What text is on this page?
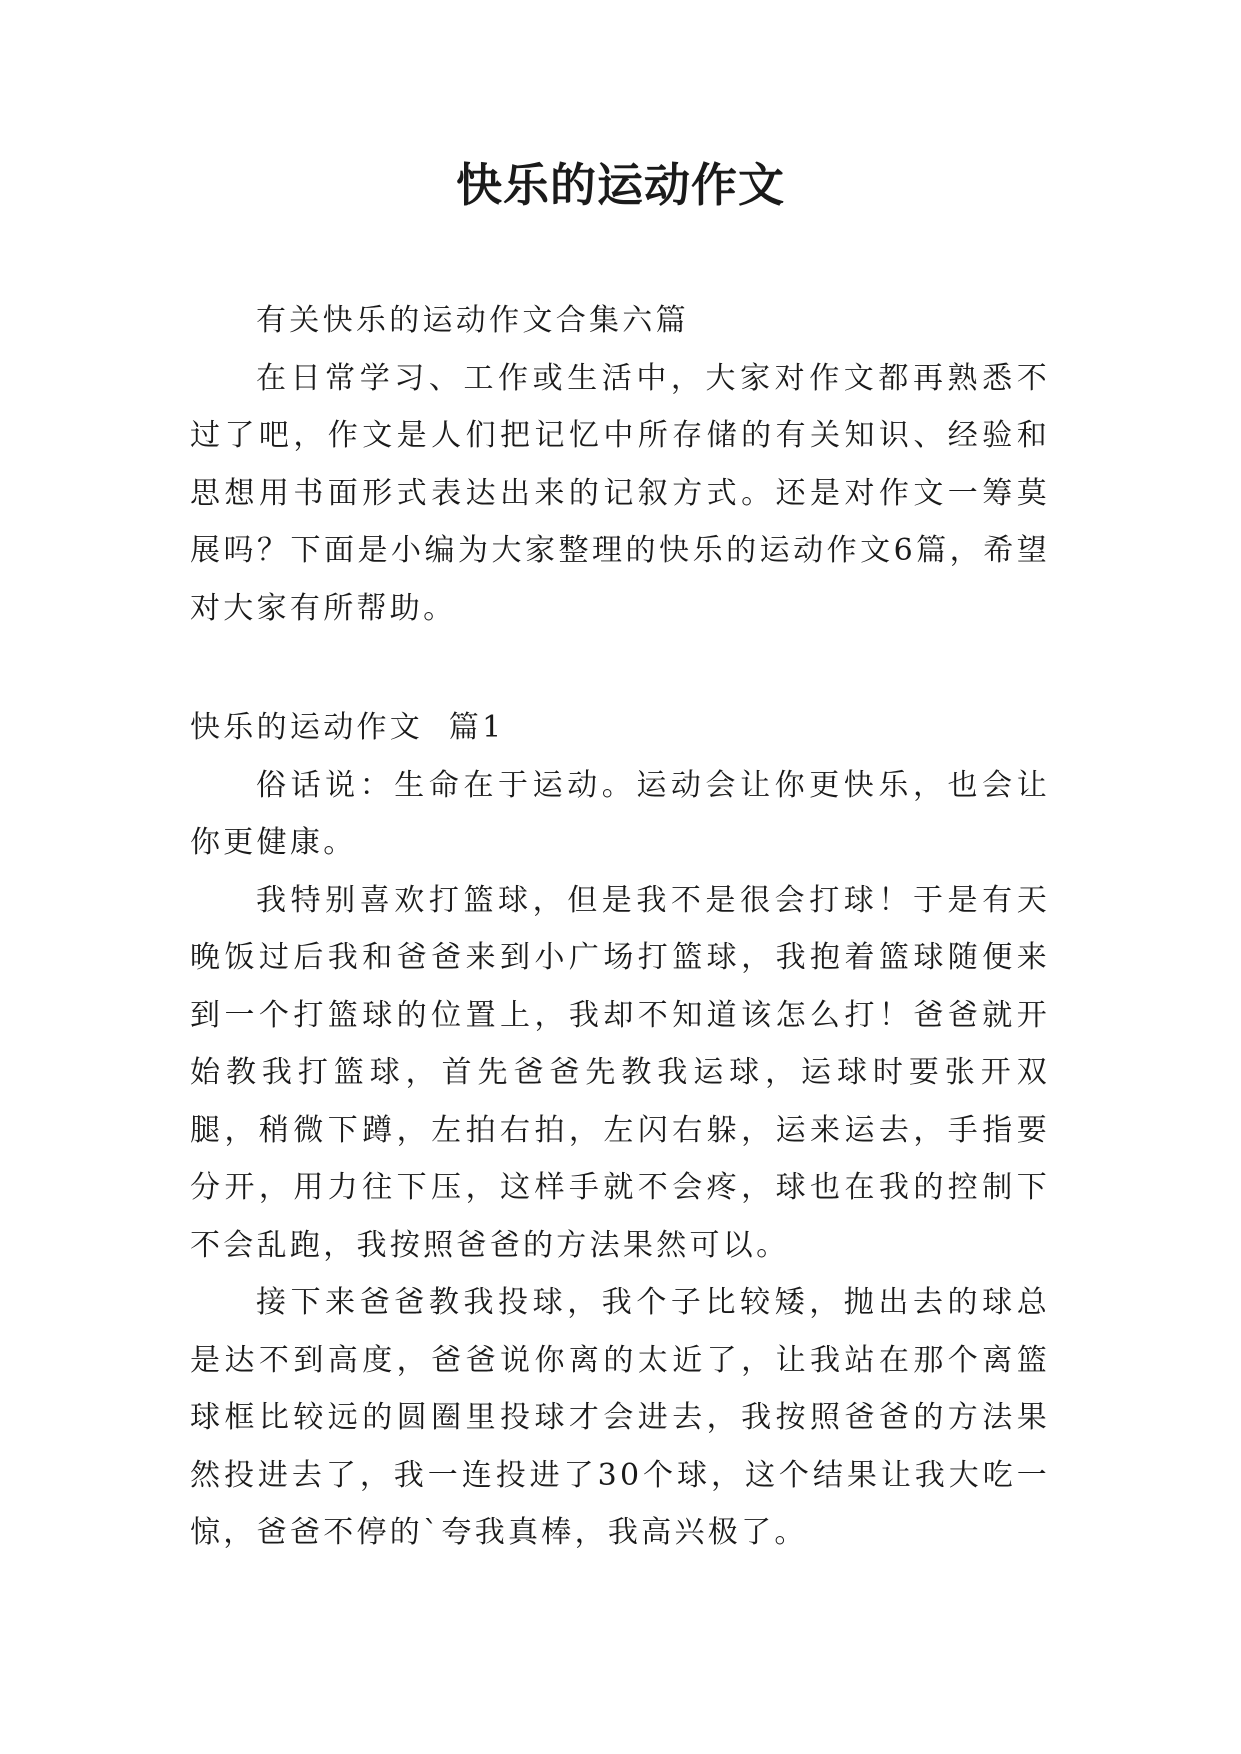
快乐的运动作文

有关快乐的运动作文合集六篇

在日常学习、工作或生活中，大家对作文都再熟悉不过了吧，作文是人们把记忆中所存储的有关知识、经验和思想用书面形式表达出来的记叙方式。还是对作文一筹莫展吗？下面是小编为大家整理的快乐的运动作文6篇，希望对大家有所帮助。

快乐的运动作文  篇1

俗话说：生命在于运动。运动会让你更快乐，也会让你更健康。

我特别喜欢打篮球，但是我不是很会打球！于是有天晚饭过后我和爸爸来到小广场打篮球，我抱着篮球随便来到一个打篮球的位置上，我却不知道该怎么打！爸爸就开始教我打篮球，首先爸爸先教我运球，运球时要张开双腿，稍微下蹲，左拍右拍，左闪右躲，运来运去，手指要分开，用力往下压，这样手就不会疼，球也在我的控制下不会乱跑，我按照爸爸的方法果然可以。

接下来爸爸教我投球，我个子比较矮，抛出去的球总是达不到高度，爸爸说你离的太近了，让我站在那个离篮球框比较远的圆圈里投球才会进去，我按照爸爸的方法果然投进去了，我一连投进了30个球，这个结果让我大吃一惊，爸爸不停的`夸我真棒，我高兴极了。
